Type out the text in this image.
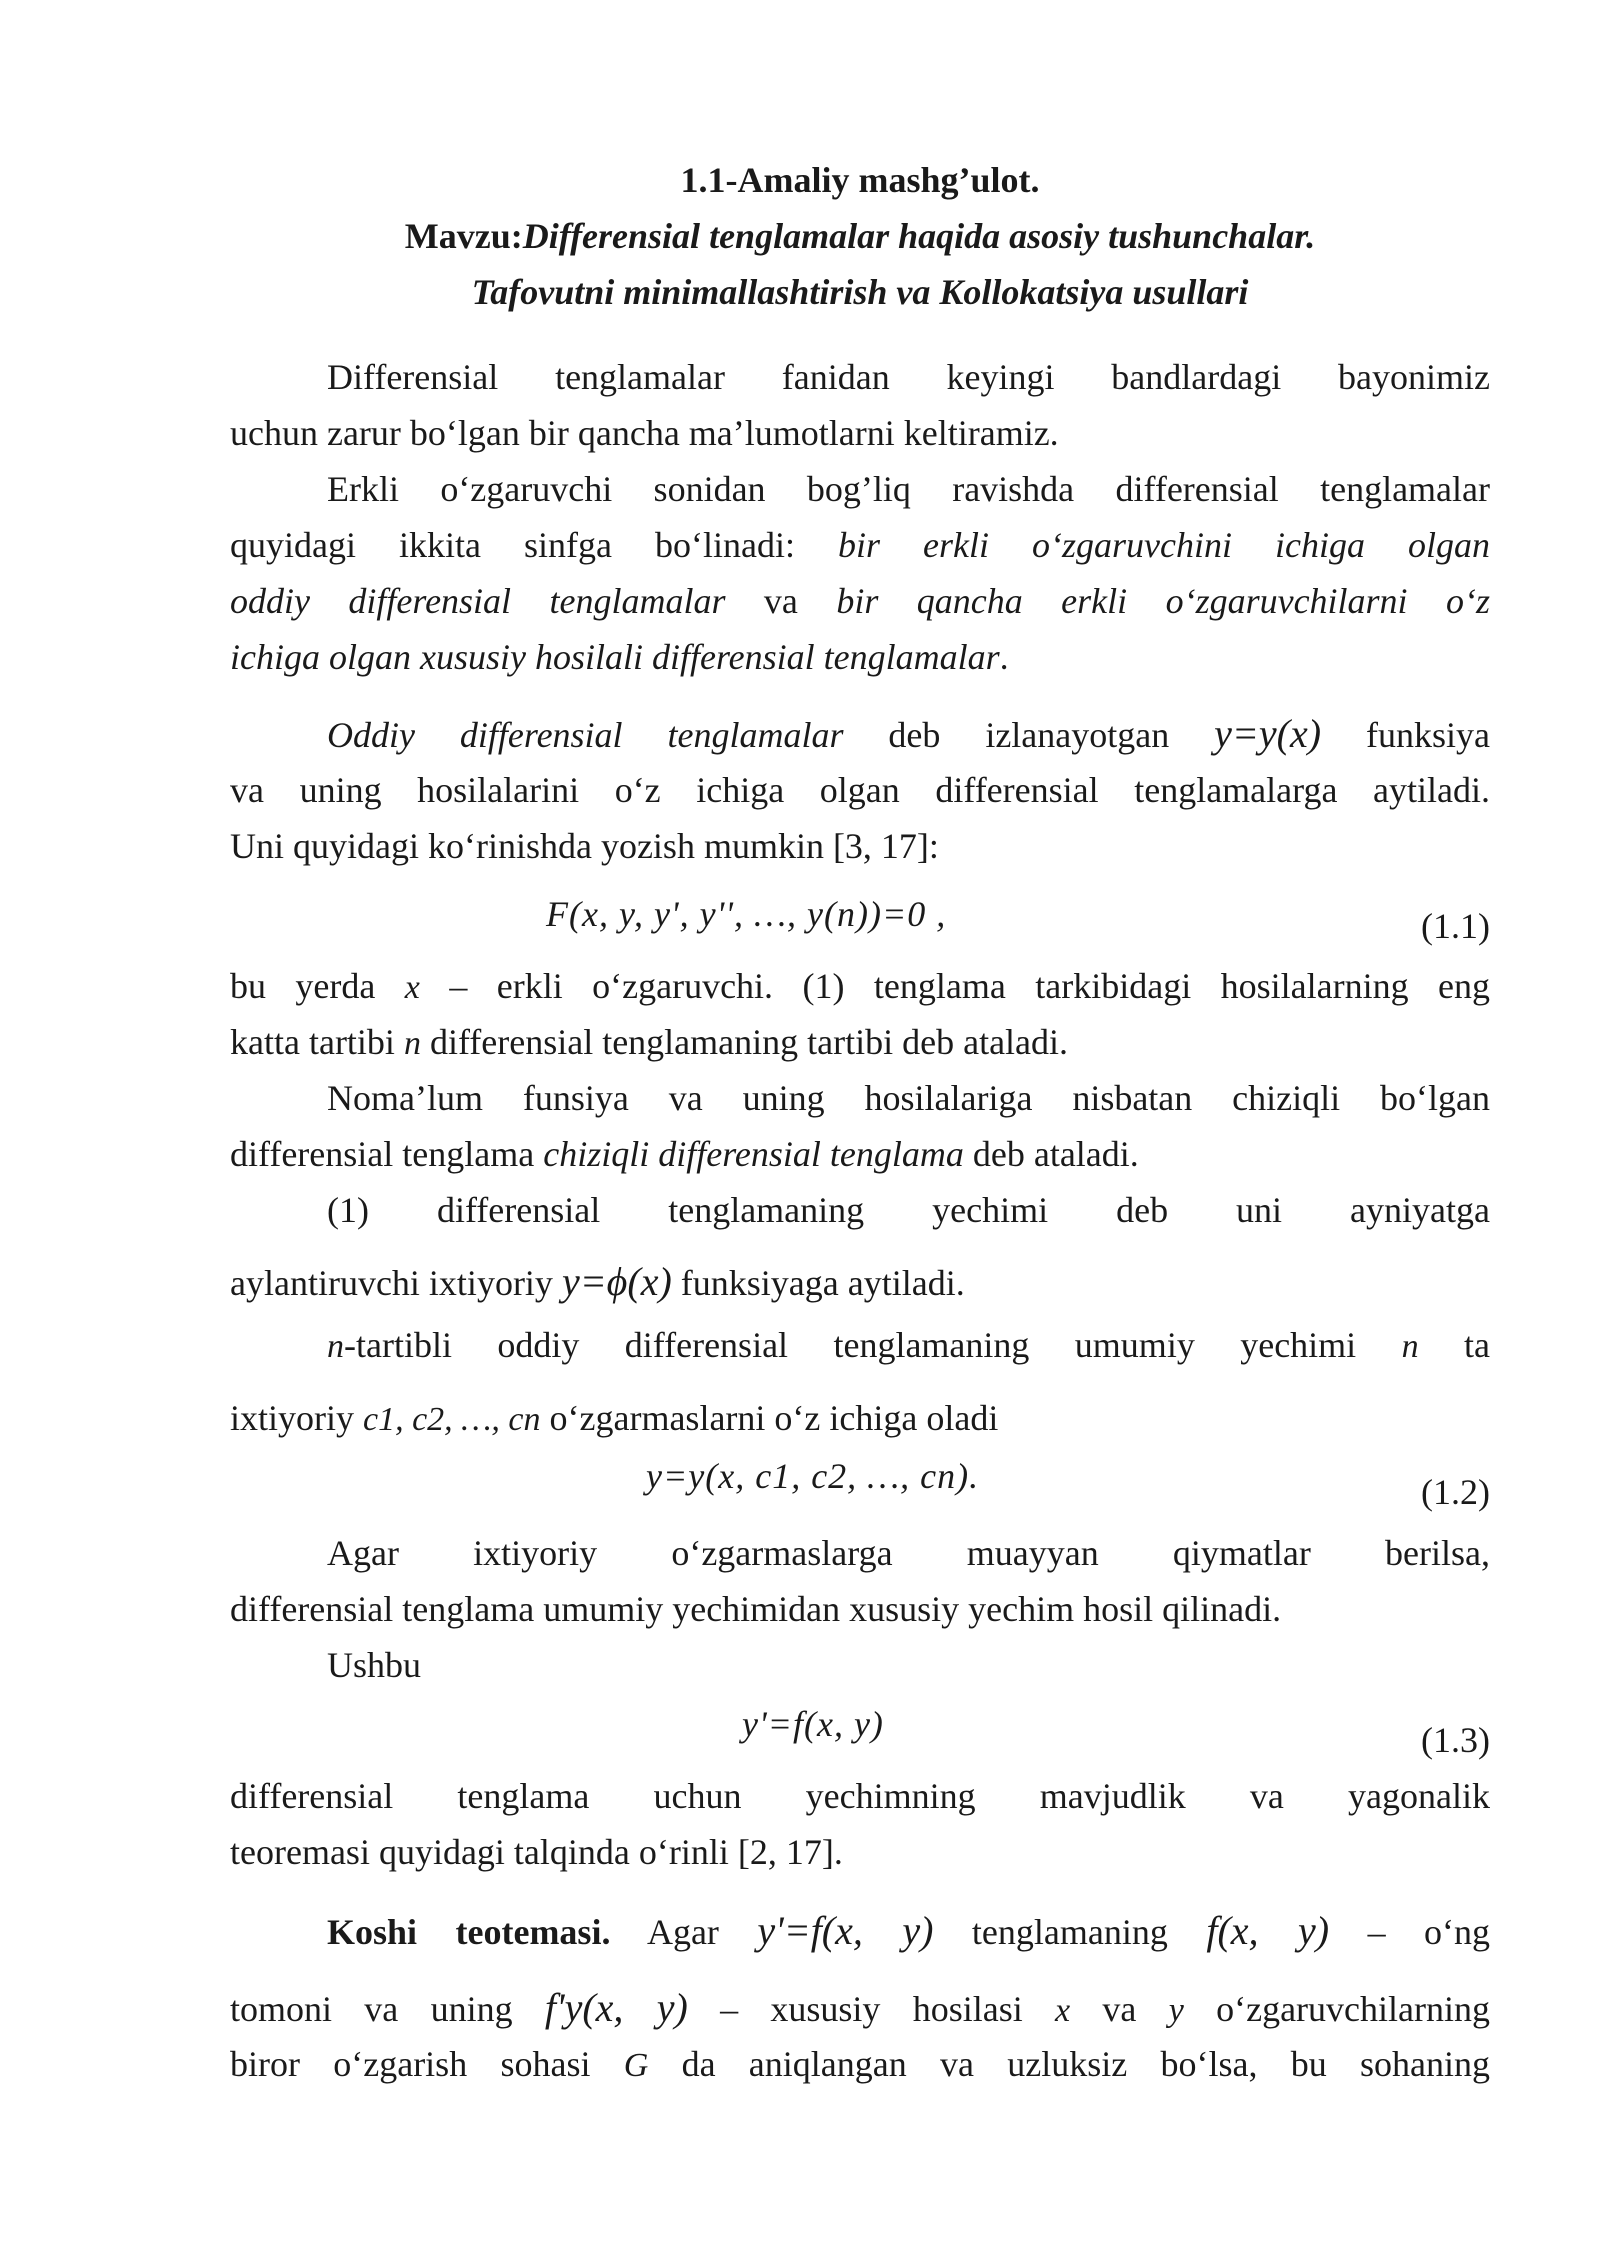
1.1-Amaliy mashg’ulot.
Mavzu:Differensial tenglamalar haqida asosiy tushunchalar.
Tafovutni minimallashtirish va Kollokatsiya usullari
Differensial tenglamalar fanidan keyingi bandlardagi bayonimiz
uchun zarur bo‘lgan bir qancha ma’lumotlarni keltiramiz.
Erkli o‘zgaruvchi sonidan bog’liq ravishda differensial tenglamalar
quyidagi ikkita sinfga bo‘linadi: bir erkli o‘zgaruvchini ichiga olgan
oddiy differensial tenglamalar va bir qancha erkli o‘zgaruvchilarni o‘z
ichiga olgan xususiy hosilali differensial tenglamalar.
Oddiy differensial tenglamalar deb izlanayotgan y=y(x) funksiya
va uning hosilalarini o‘z ichiga olgan differensial tenglamalarga aytiladi.
Uni quyidagi ko‘rinishda yozish mumkin [3, 17]:
F(x, y, y', y'', …, y(n))=0 ,	(1.1)
bu yerda x – erkli o‘zgaruvchi. (1) tenglama tarkibidagi hosilalarning eng
katta tartibi n differensial tenglamaning tartibi deb ataladi.
Noma’lum funsiya va uning hosilalariga nisbatan chiziqli bo‘lgan
differensial tenglama chiziqli differensial tenglama deb ataladi.
(1) differensial tenglamaning yechimi deb uni ayniyatga
aylantiruvchi ixtiyoriy y=ϕ(x) funksiyaga aytiladi.
n-tartibli oddiy differensial tenglamaning umumiy yechimi n ta
ixtiyoriy c1, c2, …, cn o‘zgarmaslarni o‘z ichiga oladi
y=y(x, c1, c2, …, cn).	(1.2)
Agar ixtiyoriy o‘zgarmaslarga muayyan qiymatlar berilsa,
differensial tenglama umumiy yechimidan xususiy yechim hosil qilinadi.
Ushbu
y'=f(x, y)	(1.3)
differensial tenglama uchun yechimning mavjudlik va yagonalik
teoremasi quyidagi talqinda o‘rinli [2, 17].
Koshi teotemasi. Agar y'=f(x, y) tenglamaning f(x, y) – o‘ng
tomoni va uning f'y(x, y) – xususiy hosilasi x va y o‘zgaruvchilarning
biror o‘zgarish sohasi G da aniqlangan va uzluksiz bo‘lsa, bu sohaning
